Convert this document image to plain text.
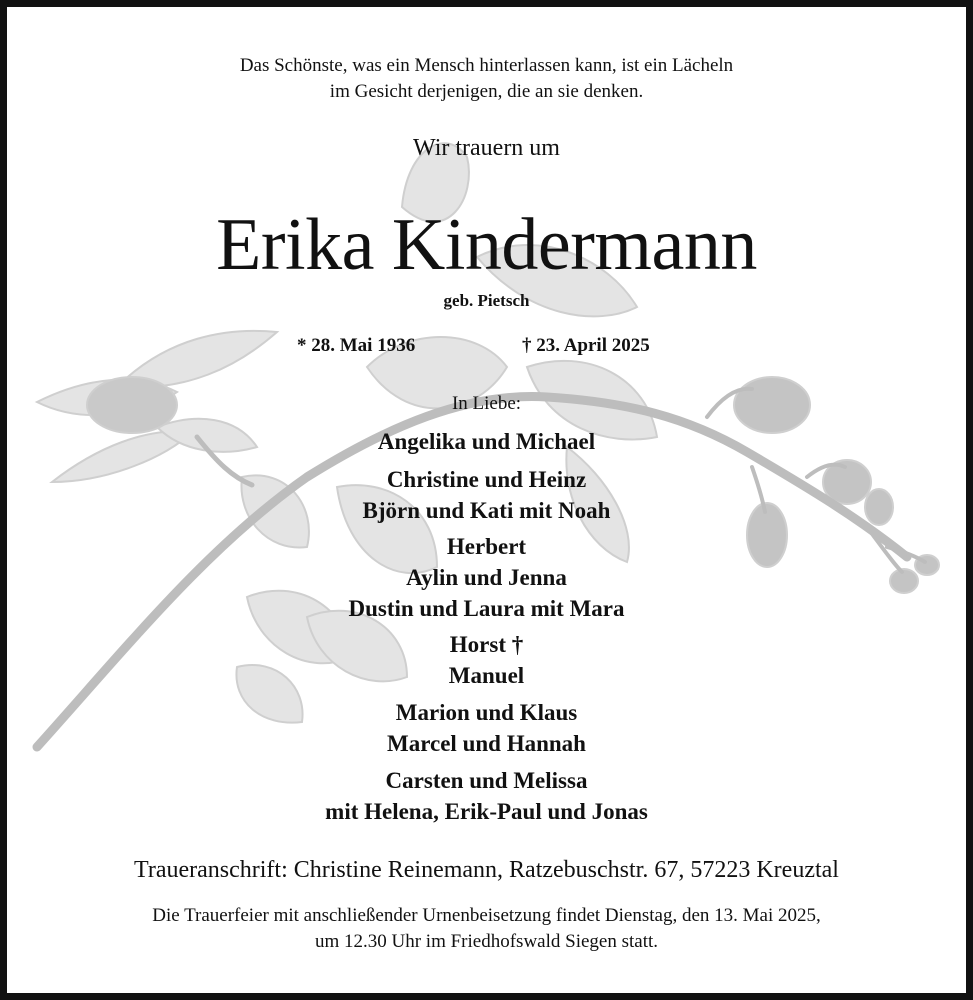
Das Schönste, was ein Mensch hinterlassen kann, ist ein Lächeln
im Gesicht derjenigen, die an sie denken.
Wir trauern um
Erika Kindermann
geb. Pietsch
* 28. Mai 1936	† 23. April 2025
In Liebe:
Angelika und Michael
Christine und Heinz
Björn und Kati mit Noah
Herbert
Aylin und Jenna
Dustin und Laura mit Mara
Horst †
Manuel
Marion und Klaus
Marcel und Hannah
Carsten und Melissa
mit Helena, Erik-Paul und Jonas
Traueranschrift: Christine Reinemann, Ratzebuschstr. 67, 57223 Kreuztal
Die Trauerfeier mit anschließender Urnenbeisetzung findet Dienstag, den 13. Mai 2025,
um 12.30 Uhr im Friedhofswald Siegen statt.
